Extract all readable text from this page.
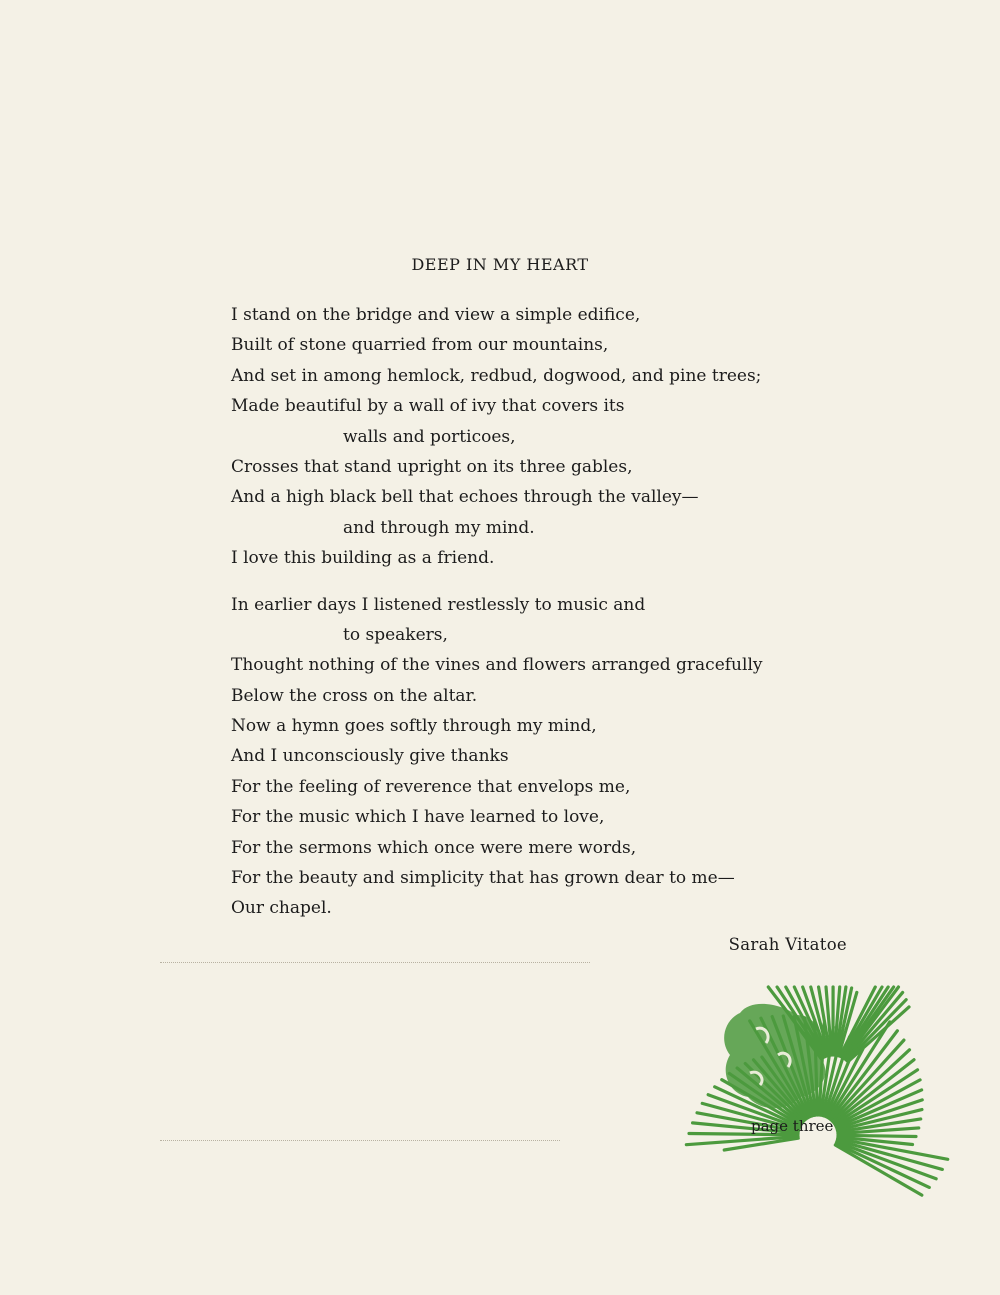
DEEP IN MY HEART
I stand on the bridge and view a simple edifice,
Built of stone quarried from our mountains,
And set in among hemlock, redbud, dogwood, and pine trees;
Made beautiful by a wall of ivy that covers its
walls and porticoes,
Crosses that stand upright on its three gables,
And a high black bell that echoes through the valley—
and through my mind.
I love this building as a friend.
In earlier days I listened restlessly to music and
to speakers,
Thought nothing of the vines and flowers arranged gracefully
Below the cross on the altar.
Now a hymn goes softly through my mind,
And I unconsciously give thanks
For the feeling of reverence that envelops me,
For the music which I have learned to love,
For the sermons which once were mere words,
For the beauty and simplicity that has grown dear to me—
Our chapel.
Sarah Vitatoe
page three
